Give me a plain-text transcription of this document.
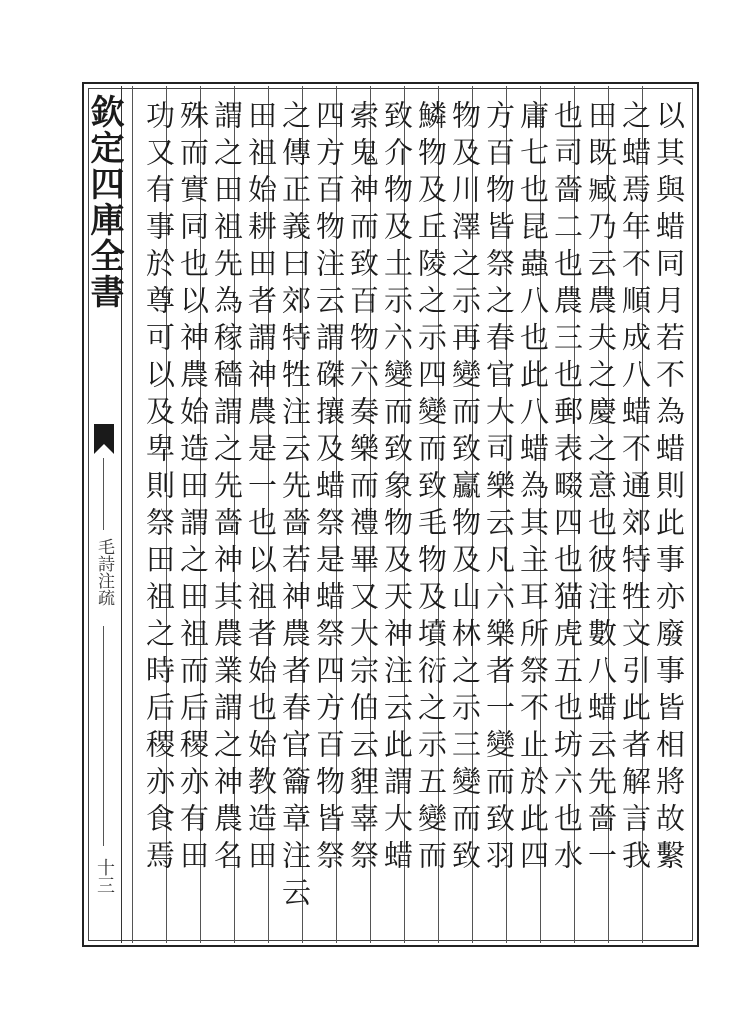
欽定四庫全書
毛詩注疏
十三	以其與蜡同月若不為蜡則此事亦廢事皆相將故繫
之蜡焉年不順成八蜡不通郊特牲文引此者解言我
田既臧乃云農夫之慶之意也彼注數八蜡云先嗇一
也司嗇二也農三也郵表畷四也猫虎五也坊六也水
庸七也昆蟲八也此八蜡為其主耳所祭不止於此四
方百物皆祭之春官大司樂云凡六樂者一變而致羽
物及川澤之示再變而致鸁物及山林之示三變而致
鱗物及丘陵之示四變而致毛物及墳衍之示五變而
致介物及土示六變而致象物及天神注云此謂大蜡
索鬼神而致百物六奏樂而禮畢又大宗伯云貍辜祭
四方百物注云謂磔攘及蜡祭是蜡祭四方百物皆祭
之傳正義曰郊特牲注云先嗇若神農者春官籥章注云
田祖始耕田者謂神農是一也以祖者始也始教造田
謂之田祖先為稼穡謂之先嗇神其農業謂之神農名
殊而實同也以神農始造田謂之田祖而后稷亦有田
功又有事於尊可以及卑則祭田祖之時后稷亦食焉
